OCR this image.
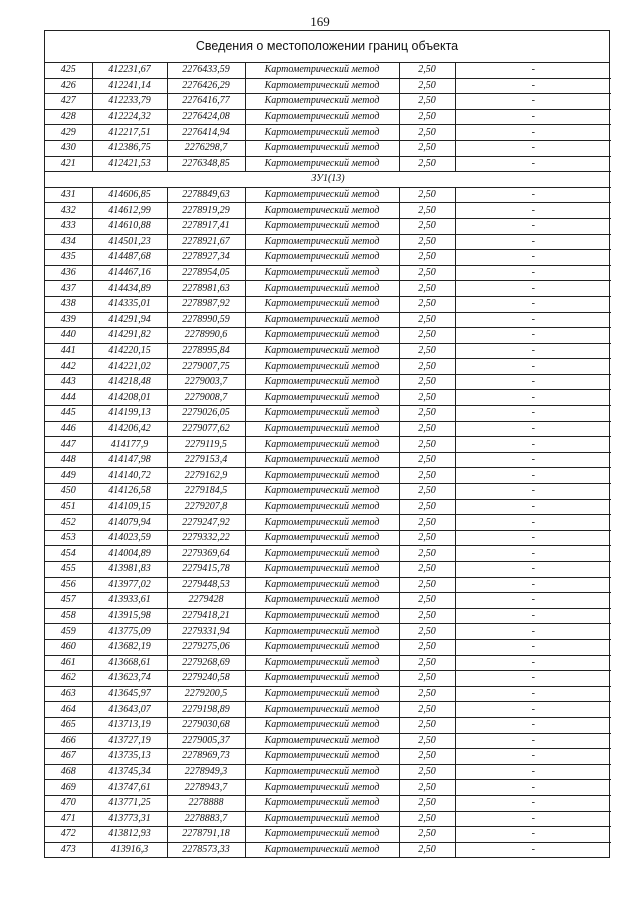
169
Сведения о местоположении границ объекта
425	412231,67	2276433,59	Картометрический метод	2,50	-
426	412241,14	2276426,29	Картометрический метод	2,50	-
427	412233,79	2276416,77	Картометрический метод	2,50	-
428	412224,32	2276424,08	Картометрический метод	2,50	-
429	412217,51	2276414,94	Картометрический метод	2,50	-
430	412386,75	2276298,7	Картометрический метод	2,50	-
421	412421,53	2276348,85	Картометрический метод	2,50	-
ЗУ1(13)					
431	414606,85	2278849,63	Картометрический метод	2,50	-
432	414612,99	2278919,29	Картометрический метод	2,50	-
433	414610,88	2278917,41	Картометрический метод	2,50	-
434	414501,23	2278921,67	Картометрический метод	2,50	-
435	414487,68	2278927,34	Картометрический метод	2,50	-
436	414467,16	2278954,05	Картометрический метод	2,50	-
437	414434,89	2278981,63	Картометрический метод	2,50	-
438	414335,01	2278987,92	Картометрический метод	2,50	-
439	414291,94	2278990,59	Картометрический метод	2,50	-
440	414291,82	2278990,6	Картометрический метод	2,50	-
441	414220,15	2278995,84	Картометрический метод	2,50	-
442	414221,02	2279007,75	Картометрический метод	2,50	-
443	414218,48	2279003,7	Картометрический метод	2,50	-
444	414208,01	2279008,7	Картометрический метод	2,50	-
445	414199,13	2279026,05	Картометрический метод	2,50	-
446	414206,42	2279077,62	Картометрический метод	2,50	-
447	414177,9	2279119,5	Картометрический метод	2,50	-
448	414147,98	2279153,4	Картометрический метод	2,50	-
449	414140,72	2279162,9	Картометрический метод	2,50	-
450	414126,58	2279184,5	Картометрический метод	2,50	-
451	414109,15	2279207,8	Картометрический метод	2,50	-
452	414079,94	2279247,92	Картометрический метод	2,50	-
453	414023,59	2279332,22	Картометрический метод	2,50	-
454	414004,89	2279369,64	Картометрический метод	2,50	-
455	413981,83	2279415,78	Картометрический метод	2,50	-
456	413977,02	2279448,53	Картометрический метод	2,50	-
457	413933,61	2279428	Картометрический метод	2,50	-
458	413915,98	2279418,21	Картометрический метод	2,50	-
459	413775,09	2279331,94	Картометрический метод	2,50	-
460	413682,19	2279275,06	Картометрический метод	2,50	-
461	413668,61	2279268,69	Картометрический метод	2,50	-
462	413623,74	2279240,58	Картометрический метод	2,50	-
463	413645,97	2279200,5	Картометрический метод	2,50	-
464	413643,07	2279198,89	Картометрический метод	2,50	-
465	413713,19	2279030,68	Картометрический метод	2,50	-
466	413727,19	2279005,37	Картометрический метод	2,50	-
467	413735,13	2278969,73	Картометрический метод	2,50	-
468	413745,34	2278949,3	Картометрический метод	2,50	-
469	413747,61	2278943,7	Картометрический метод	2,50	-
470	413771,25	2278888	Картометрический метод	2,50	-
471	413773,31	2278883,7	Картометрический метод	2,50	-
472	413812,93	2278791,18	Картометрический метод	2,50	-
473	413916,3	2278573,33	Картометрический метод	2,50	-
